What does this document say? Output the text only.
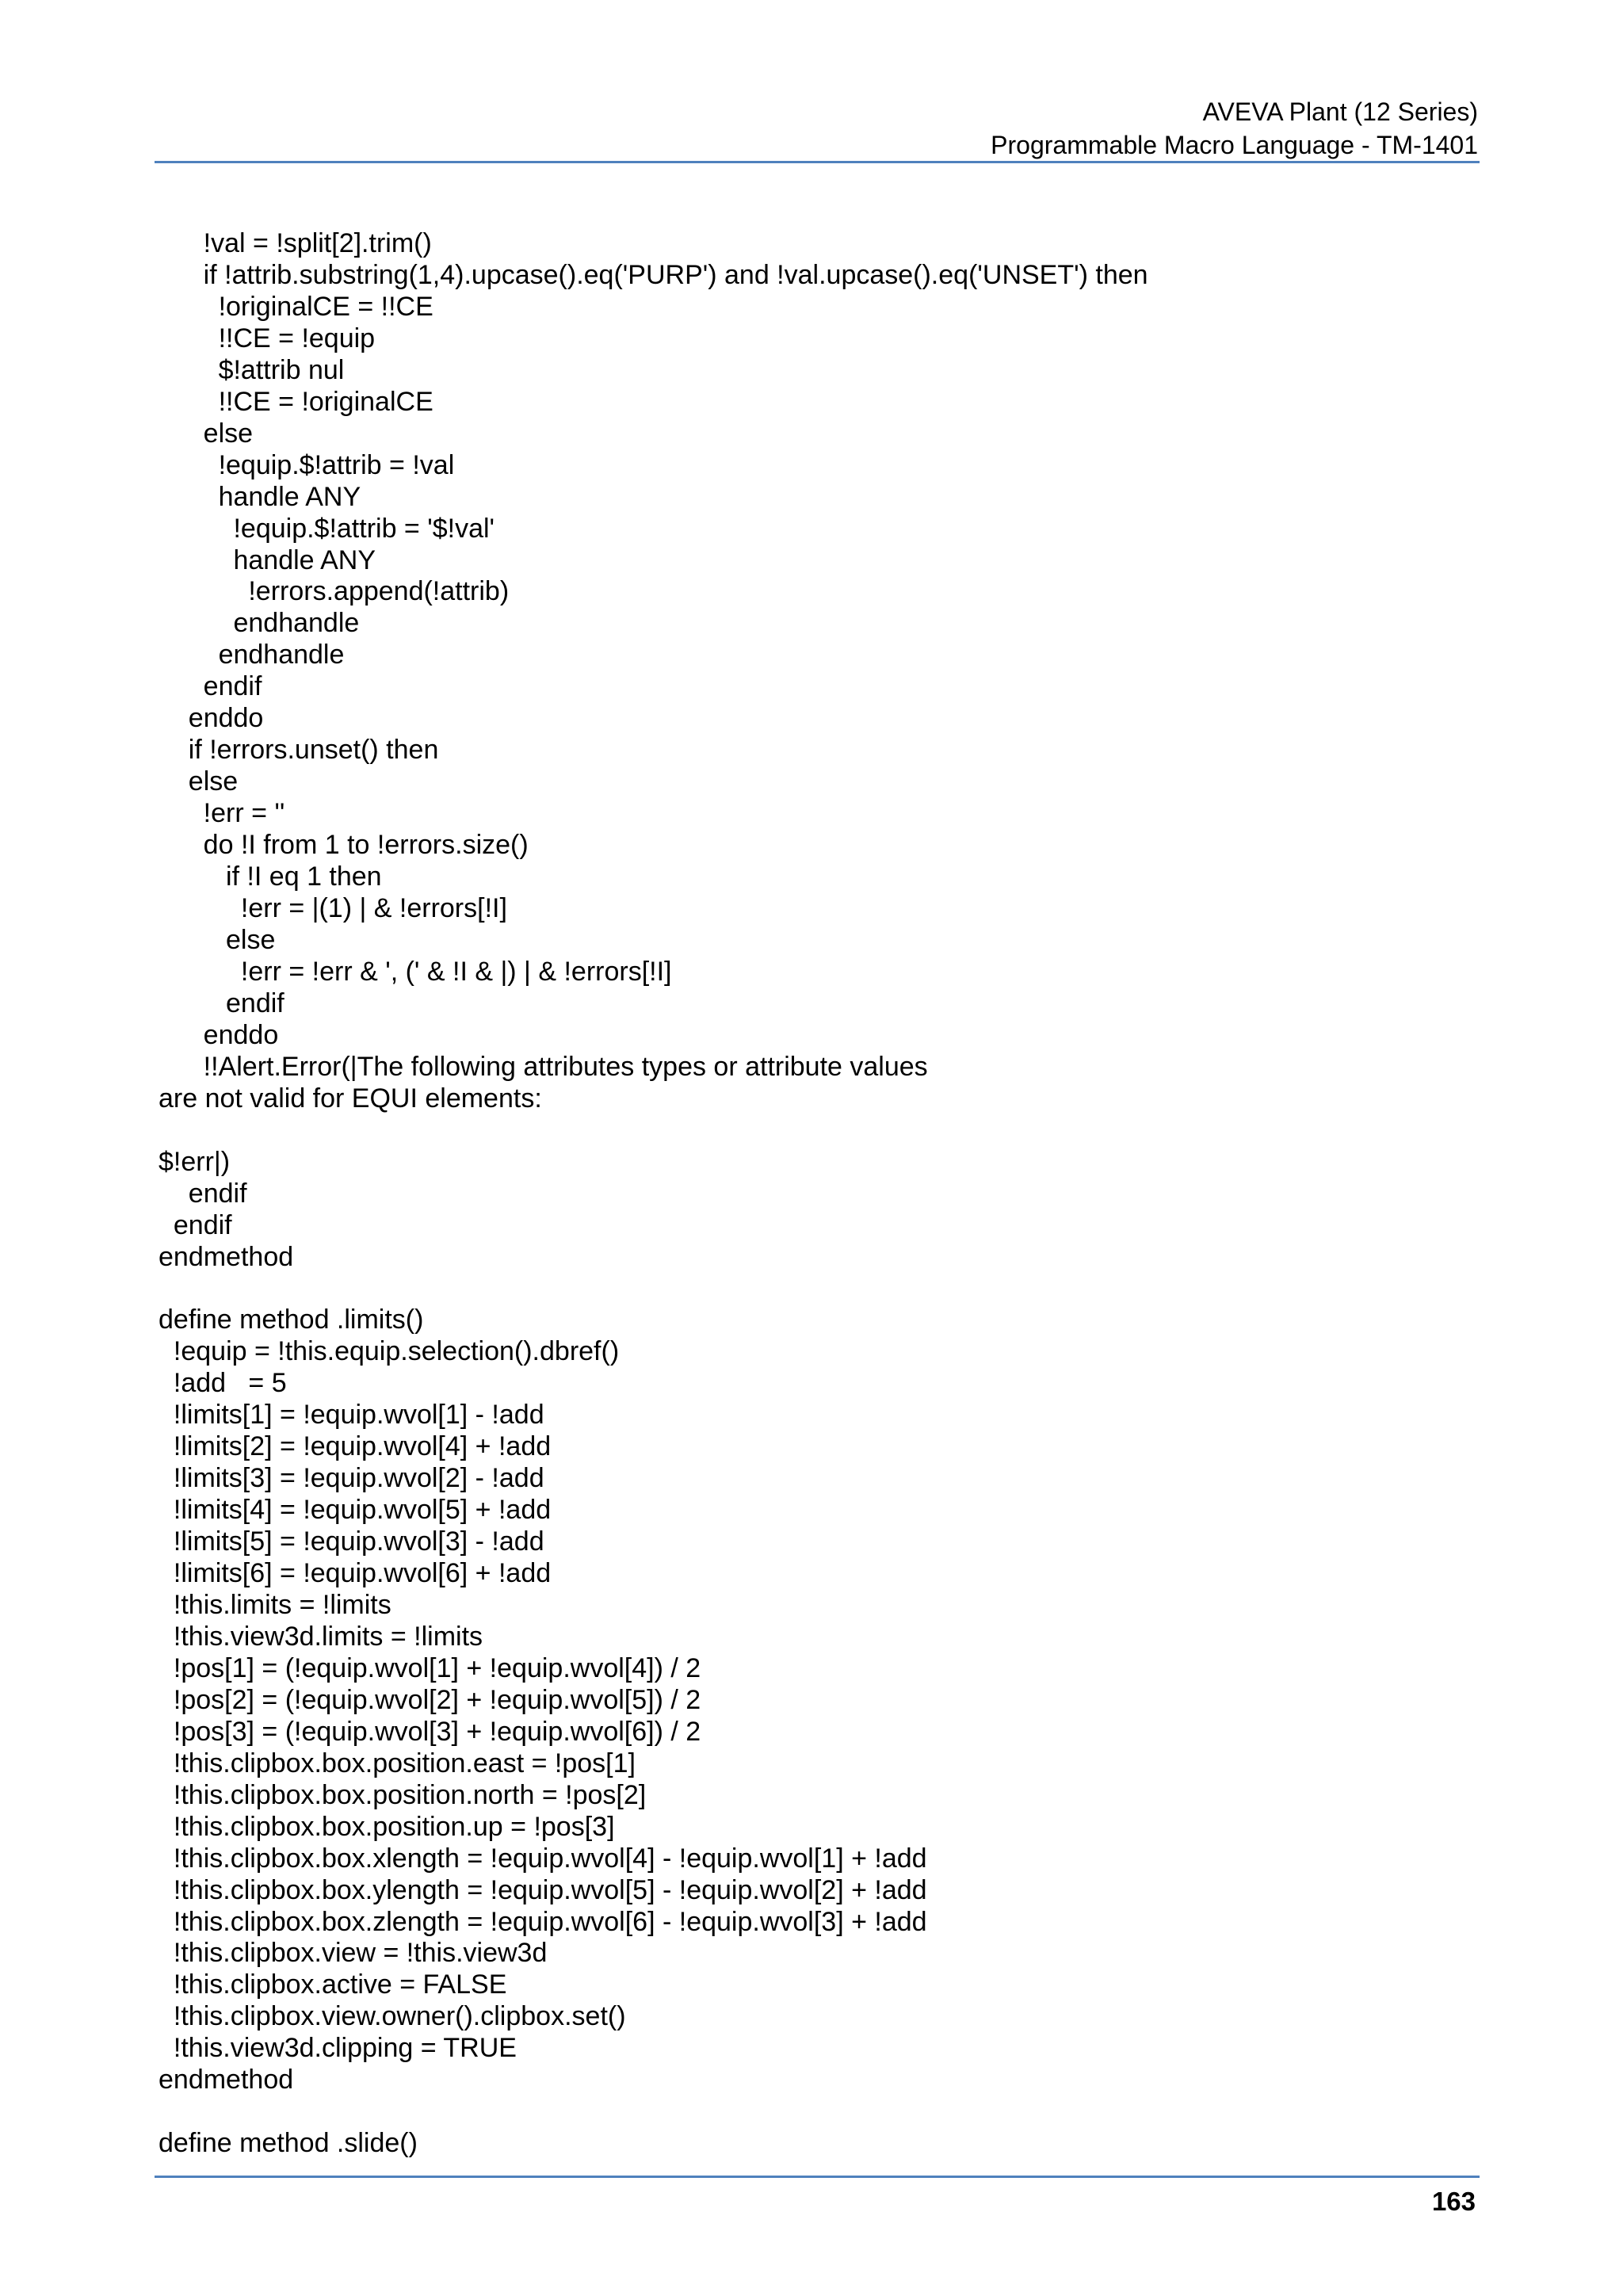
AVEVA Plant (12 Series)
Programmable Macro Language - TM-1401
!val = !split[2].trim()
if !attrib.substring(1,4).upcase().eq('PURP') and !val.upcase().eq('UNSET') then
!originalCE = !!CE
!!CE = !equip
$!attrib nul
!!CE = !originalCE
else
!equip.$!attrib = !val
handle ANY
!equip.$!attrib = '$!val'
handle ANY
!errors.append(!attrib)
endhandle
endhandle
endif
enddo
if !errors.unset() then
else
!err = ''
do !I from 1 to !errors.size()
if !I eq 1 then
!err = |(1) | & !errors[!I]
else
!err = !err & ', (' & !I & |) | & !errors[!I]
endif
enddo
!!Alert.Error(|The following attributes types or attribute values
are not valid for EQUI elements:

$!err|)
endif
endif
endmethod

define method .limits()
!equip = !this.equip.selection().dbref()
!add   = 5
!limits[1] = !equip.wvol[1] - !add
!limits[2] = !equip.wvol[4] + !add
!limits[3] = !equip.wvol[2] - !add
!limits[4] = !equip.wvol[5] + !add
!limits[5] = !equip.wvol[3] - !add
!limits[6] = !equip.wvol[6] + !add
!this.limits = !limits
!this.view3d.limits = !limits
!pos[1] = (!equip.wvol[1] + !equip.wvol[4]) / 2
!pos[2] = (!equip.wvol[2] + !equip.wvol[5]) / 2
!pos[3] = (!equip.wvol[3] + !equip.wvol[6]) / 2
!this.clipbox.box.position.east = !pos[1]
!this.clipbox.box.position.north = !pos[2]
!this.clipbox.box.position.up = !pos[3]
!this.clipbox.box.xlength = !equip.wvol[4] - !equip.wvol[1] + !add
!this.clipbox.box.ylength = !equip.wvol[5] - !equip.wvol[2] + !add
!this.clipbox.box.zlength = !equip.wvol[6] - !equip.wvol[3] + !add
!this.clipbox.view = !this.view3d
!this.clipbox.active = FALSE
!this.clipbox.view.owner().clipbox.set()
!this.view3d.clipping = TRUE
endmethod

define method .slide()
163
